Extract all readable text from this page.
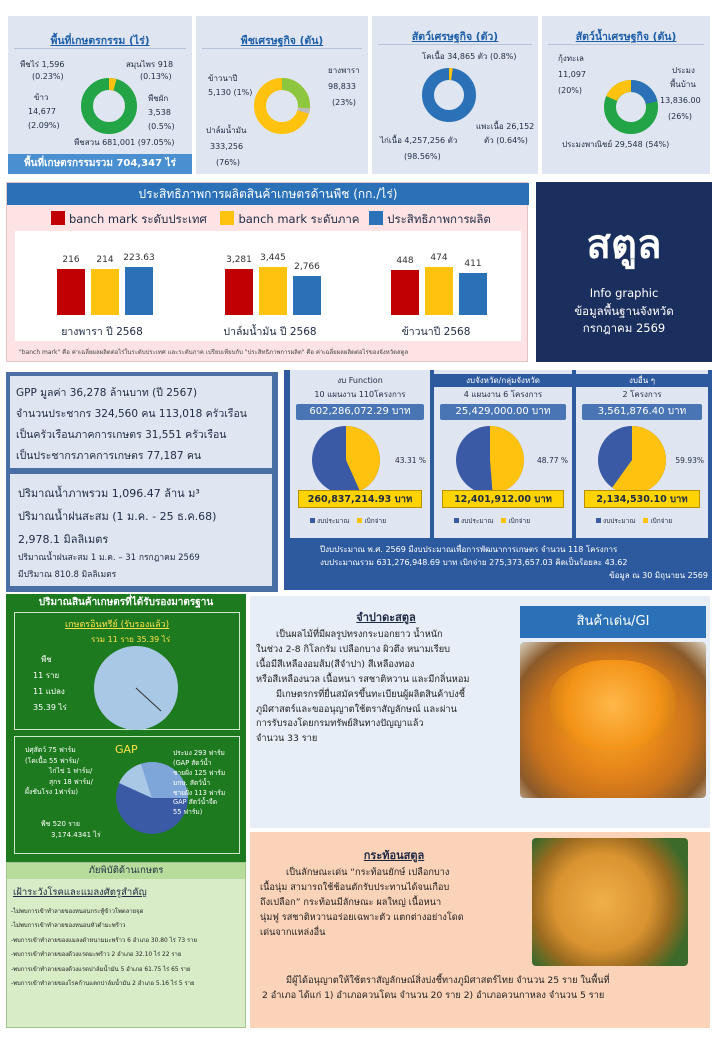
พื้นที่เกษตรกรรม (ไร่)
พืชไร่ 1,596
(0.23%)
ข้าว
14,677
(2.09%)
สมุนไพร 918
(0.13%)
พืชผัก
3,538
(0.5%)
พืชสวน 681,001 (97.05%)
พื้นที่เกษตรกรรมรวม 704,347 ไร่
พืชเศรษฐกิจ (ตัน)
ข้าวนาปี
5,130 (1%)
ปาล์มน้ำมัน
333,256
(76%)
ยางพารา
98,833
(23%)
สัตว์เศรษฐกิจ (ตัว)
โคเนื้อ 34,865 ตัว (0.8%)
ไก่เนื้อ 4,257,256 ตัว
(98.56%)
แพะเนื้อ 26,152
ตัว (0.64%)
สัตว์น้ำเศรษฐกิจ (ตัน)
กุ้งทะเล
11,097
(20%)
ประมง
พื้นบ้าน
13,836.00
(26%)
ประมงพาณิชย์ 29,548 (54%)
ประสิทธิภาพการผลิตสินค้าเกษตรด้านพืช (กก./ไร่)
banch mark ระดับประเทศ	banch mark ระดับภาค ประสิทธิภาพการผลิต
216	214	223.63
ยางพารา ปี 2568
3,281 3,445
2,766
ปาล์มน้ำมัน ปี 2568
448	474
411
ข้าวนาปี 2568
"banch mark" คือ ค่าเฉลี่ยผลผลิตต่อไร่ในระดับประเทศ และระดับภาค เปรียบเทียบกับ "ประสิทธิภาพการผลิต" คือ ค่าเฉลี่ยผลผลิตต่อไร่ของจังหวัดสตูล
สตูล
Info graphic
ข้อมูลพื้นฐานจังหวัด
กรกฎาคม 2569
GPP มูลค่า 36,278 ล้านบาท (ปี 2567)
จำนวนประชากร 324,560 คน 113,018 ครัวเรือน
เป็นครัวเรือนภาคการเกษตร 31,551 ครัวเรือน
เป็นประชากรภาคการเกษตร 77,187 คน
ปริมาณน้ำภาพรวม 1,096.47 ล้าน ม³
ปริมาณน้ำฝนสะสม (1 ม.ค. - 25 ธ.ค.68)
2,978.1 มิลลิเมตร
ปริมาณน้ำฝนสะสม 1 ม.ค. – 31 กรกฎาคม 2569
มีปริมาณ 810.8 มิลลิเมตร
งบ Function
10 แผนงาน 110โครงการ
602,286,072.29 บาท
43.31 %
260,837,214.93 บาท
งบประมาณ เบิกจ่าย
งบจังหวัด/กลุ่มจังหวัด
4 แผนงาน 6 โครงการ
25,429,000.00 บาท
48.77 %
12,401,912.00 บาท
งบประมาณ เบิกจ่าย
งบอื่น ๆ
2 โครงการ
3,561,876.40 บาท
59.93%
2,134,530.10 บาท
งบประมาณ เบิกจ่าย
ปีงบประมาณ พ.ศ. 2569 มีงบประมาณเพื่อการพัฒนาการเกษตร จำนวน 118 โครงการ
งบประมาณรวม 631,276,948.69 บาท เบิกจ่าย 275,373,657.03 คิดเป็นร้อยละ 43.62
ข้อมูล ณ 30 มิถุนายน 2569
ปริมาณสินค้าเกษตรที่ได้รับรองมาตรฐาน
เกษตรอินทรีย์ (รับรองแล้ว)
รวม 11 ราย 35.39 ไร่
พืช
11 ราย
11 แปลง
35.39 ไร่
GAP
ปศุสัตว์ 75 ฟาร์ม
(โคเนื้อ 55 ฟาร์ม/
ไก่ไข่ 1 ฟาร์ม/
สุกร 18 ฟาร์ม/
ผึ้งชันโรง 1ฟาร์ม)
ประมง 293 ฟาร์ม
(GAP สัตว์น้ำ
ชายฝั่ง 125 ฟาร์ม
มกษ. สัตว์น้ำ
ชายฝั่ง 113 ฟาร์ม
GAP สัตว์น้ำจืด
55 ฟาร์ม)
พืช 520 ราย
3,174.4341 ไร่
ภัยพิบัติด้านเกษตร
เฝ้าระวังโรคและแมลงศัตรูสำคัญ
-ไม่พบการเข้าทำลายของหนอนกระทู้ข้าวโพดลายจุด
-ไม่พบการเข้าทำลายของหนอนหัวดำมะพร้าว
-พบการเข้าทำลายของแมลงดำหนามมะพร้าว 6 อำเภอ 30.80 ไร่ 73 ราย
-พบการเข้าทำลายของด้วงแรดมะพร้าว 2 อำเภอ 32.10 ไร่ 22 ราย
-พบการเข้าทำลายของด้วงแรดปาล์มน้ำมัน 5 อำเภอ 61.75 ไร่ 65 ราย
-พบการเข้าทำลายของโรคก้านแตกปาล์มน้ำมัน 2 อำเภอ 5.16 ไร่ 5 ราย
สินค้าเด่น/GI
จำปาดะสตูล
เป็นผลไม้ที่มีผลรูปทรงกระบอกยาว น้ำหนัก
ในช่วง 2-8 กิโลกรัม เปลือกบาง ผิวตึง หนามเรียบ
เนื้อมีสีเหลืองอมส้ม(สีจำปา) สีเหลืองทอง
หรือสีเหลืองนวล เนื้อหนา รสชาติหวาน และมีกลิ่นหอม
มีเกษตรกรที่ยื่นสมัครขึ้นทะเบียนผู้ผลิตสินค้าบ่งชี้
ภูมิศาสตร์และขออนุญาตใช้ตราสัญลักษณ์ และผ่าน
การรับรองโดยกรมทรัพย์สินทางปัญญาแล้ว
จำนวน 33 ราย
กระท้อนสตูล
เป็นลักษณะเด่น “กระท้อนยักษ์ เปลือกบาง
เนื้อนุ่ม สามารถใช้ช้อนตักรับประทานได้จนเกือบ
ถึงเปลือก” กระท้อนมีลักษณะ ผลใหญ่ เนื้อหนา
นุ่มฟู รสชาติหวานอร่อยเฉพาะตัว แตกต่างอย่างโดด
เด่นจากแหล่งอื่น
มีผู้ได้อนุญาตให้ใช้ตราสัญลักษณ์สิ่งบ่งชี้ทางภูมิศาสตร์ไทย จำนวน 25 ราย ในพื้นที่
2 อำเภอ ได้แก่ 1) อำเภอควนโดน จำนวน 20 ราย 2) อำเภอควนกาหลง จำนวน 5 ราย
